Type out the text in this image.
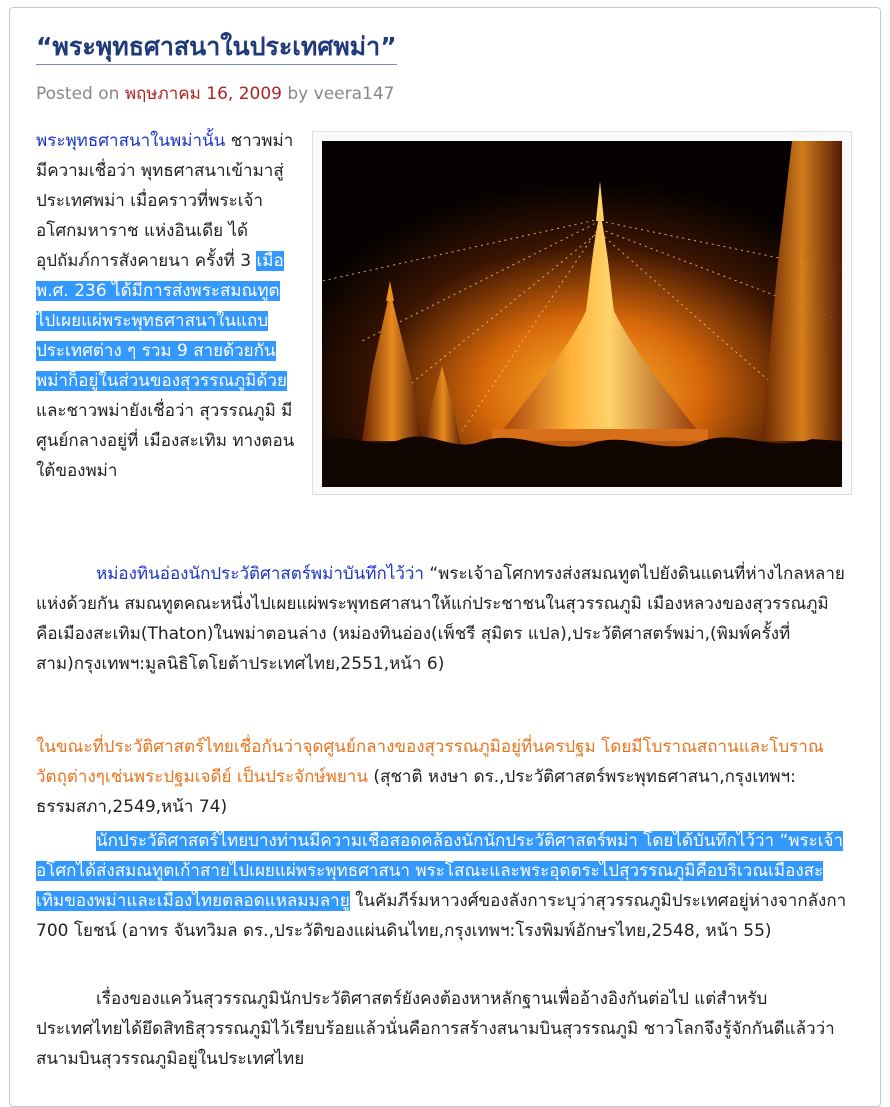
“พระพุทธศาสนาในประเทศพม่า”
Posted on พฤษภาคม 16, 2009 by veera147
พระพุทธศาสนาในพม่านั้น ชาวพม่ามีความเชื่อว่า พุทธศาสนาเข้ามาสู่ประเทศพม่า เมื่อคราวที่พระเจ้าอโศกมหาราช แห่งอินเดีย ได้อุปถัมภ์การสังคายนา ครั้งที่ 3 เมื่อ พ.ศ. 236 ได้มีการส่งพระสมณทูตไปเผยแผ่พระพุทธศาสนาในแถบ ประเทศต่าง ๆ รวม 9 สายด้วยกัน พม่าก็อยู่ในส่วนของสุวรรณภูมิด้วย และชาวพม่ายังเชื่อว่า สุวรรณภูมิ มีศูนย์กลางอยู่ที่ เมืองสะเทิม ทางตอนใต้ของพม่า
หม่องทินอ่องนักประวัติศาสตร์พม่าบันทึกไว้ว่า “พระเจ้าอโศกทรงส่งสมณทูตไปยังดินแดนที่ห่างไกลหลายแห่งด้วยกัน สมณทูตคณะหนึ่งไปเผยแผ่พระพุทธศาสนาให้แก่ประชาชนในสุวรรณภูมิ เมืองหลวงของสุวรรณภูมิคือเมืองสะเทิม(Thaton)ในพม่าตอนล่าง (หม่องทินอ่อง(เพ็ชรี สุมิตร แปล),ประวัติศาสตร์พม่า,(พิมพ์ครั้งที่สาม)กรุงเทพฯ:มูลนิธิโตโยต้าประเทศไทย,2551,หน้า 6)
ในขณะที่ประวัติศาสตร์ไทยเชื่อกันว่าจุดศูนย์กลางของสุวรรณภูมิอยู่ที่นครปฐม โดยมีโบราณสถานและโบราณวัตถุต่างๆเช่นพระปฐมเจดีย์ เป็นประจักษ์พยาน (สุชาติ หงษา ดร.,ประวัติศาสตร์พระพุทธศาสนา,กรุงเทพฯ: ธรรมสภา,2549,หน้า 74)
นักประวัติศาสตร์ไทยบางท่านมีความเชื่อสอดคล้องนักนักประวัติศาสตร์พม่า โดยได้บันทึกไว้ว่า “พระเจ้าอโศกได้ส่งสมณทูตเก้าสายไปเผยแผ่พระพุทธศาสนา พระโสณะและพระอุตตระไปสุวรรณภูมิคือบริเวณเมืองสะเทิมของพม่าและเมืองไทยตลอดแหลมมลายู ในคัมภีร์มหาวงศ์ของลังการะบุว่าสุวรรณภูมิประเทศอยู่ห่างจากลังกา 700 โยชน์ (อาทร จันทวิมล ดร.,ประวัติของแผ่นดินไทย,กรุงเทพฯ:โรงพิมพ์อักษรไทย,2548, หน้า 55)
เรื่องของแคว้นสุวรรณภูมินักประวัติศาสตร์ยังคงต้องหาหลักฐานเพื่ออ้างอิงกันต่อไป แต่สำหรับประเทศไทยได้ยึดสิทธิสุวรรณภูมิไว้เรียบร้อยแล้วนั่นคือการสร้างสนามบินสุวรรณภูมิ ชาวโลกจึงรู้จักกันดีแล้วว่าสนามบินสุวรรณภูมิอยู่ในประเทศไทย
